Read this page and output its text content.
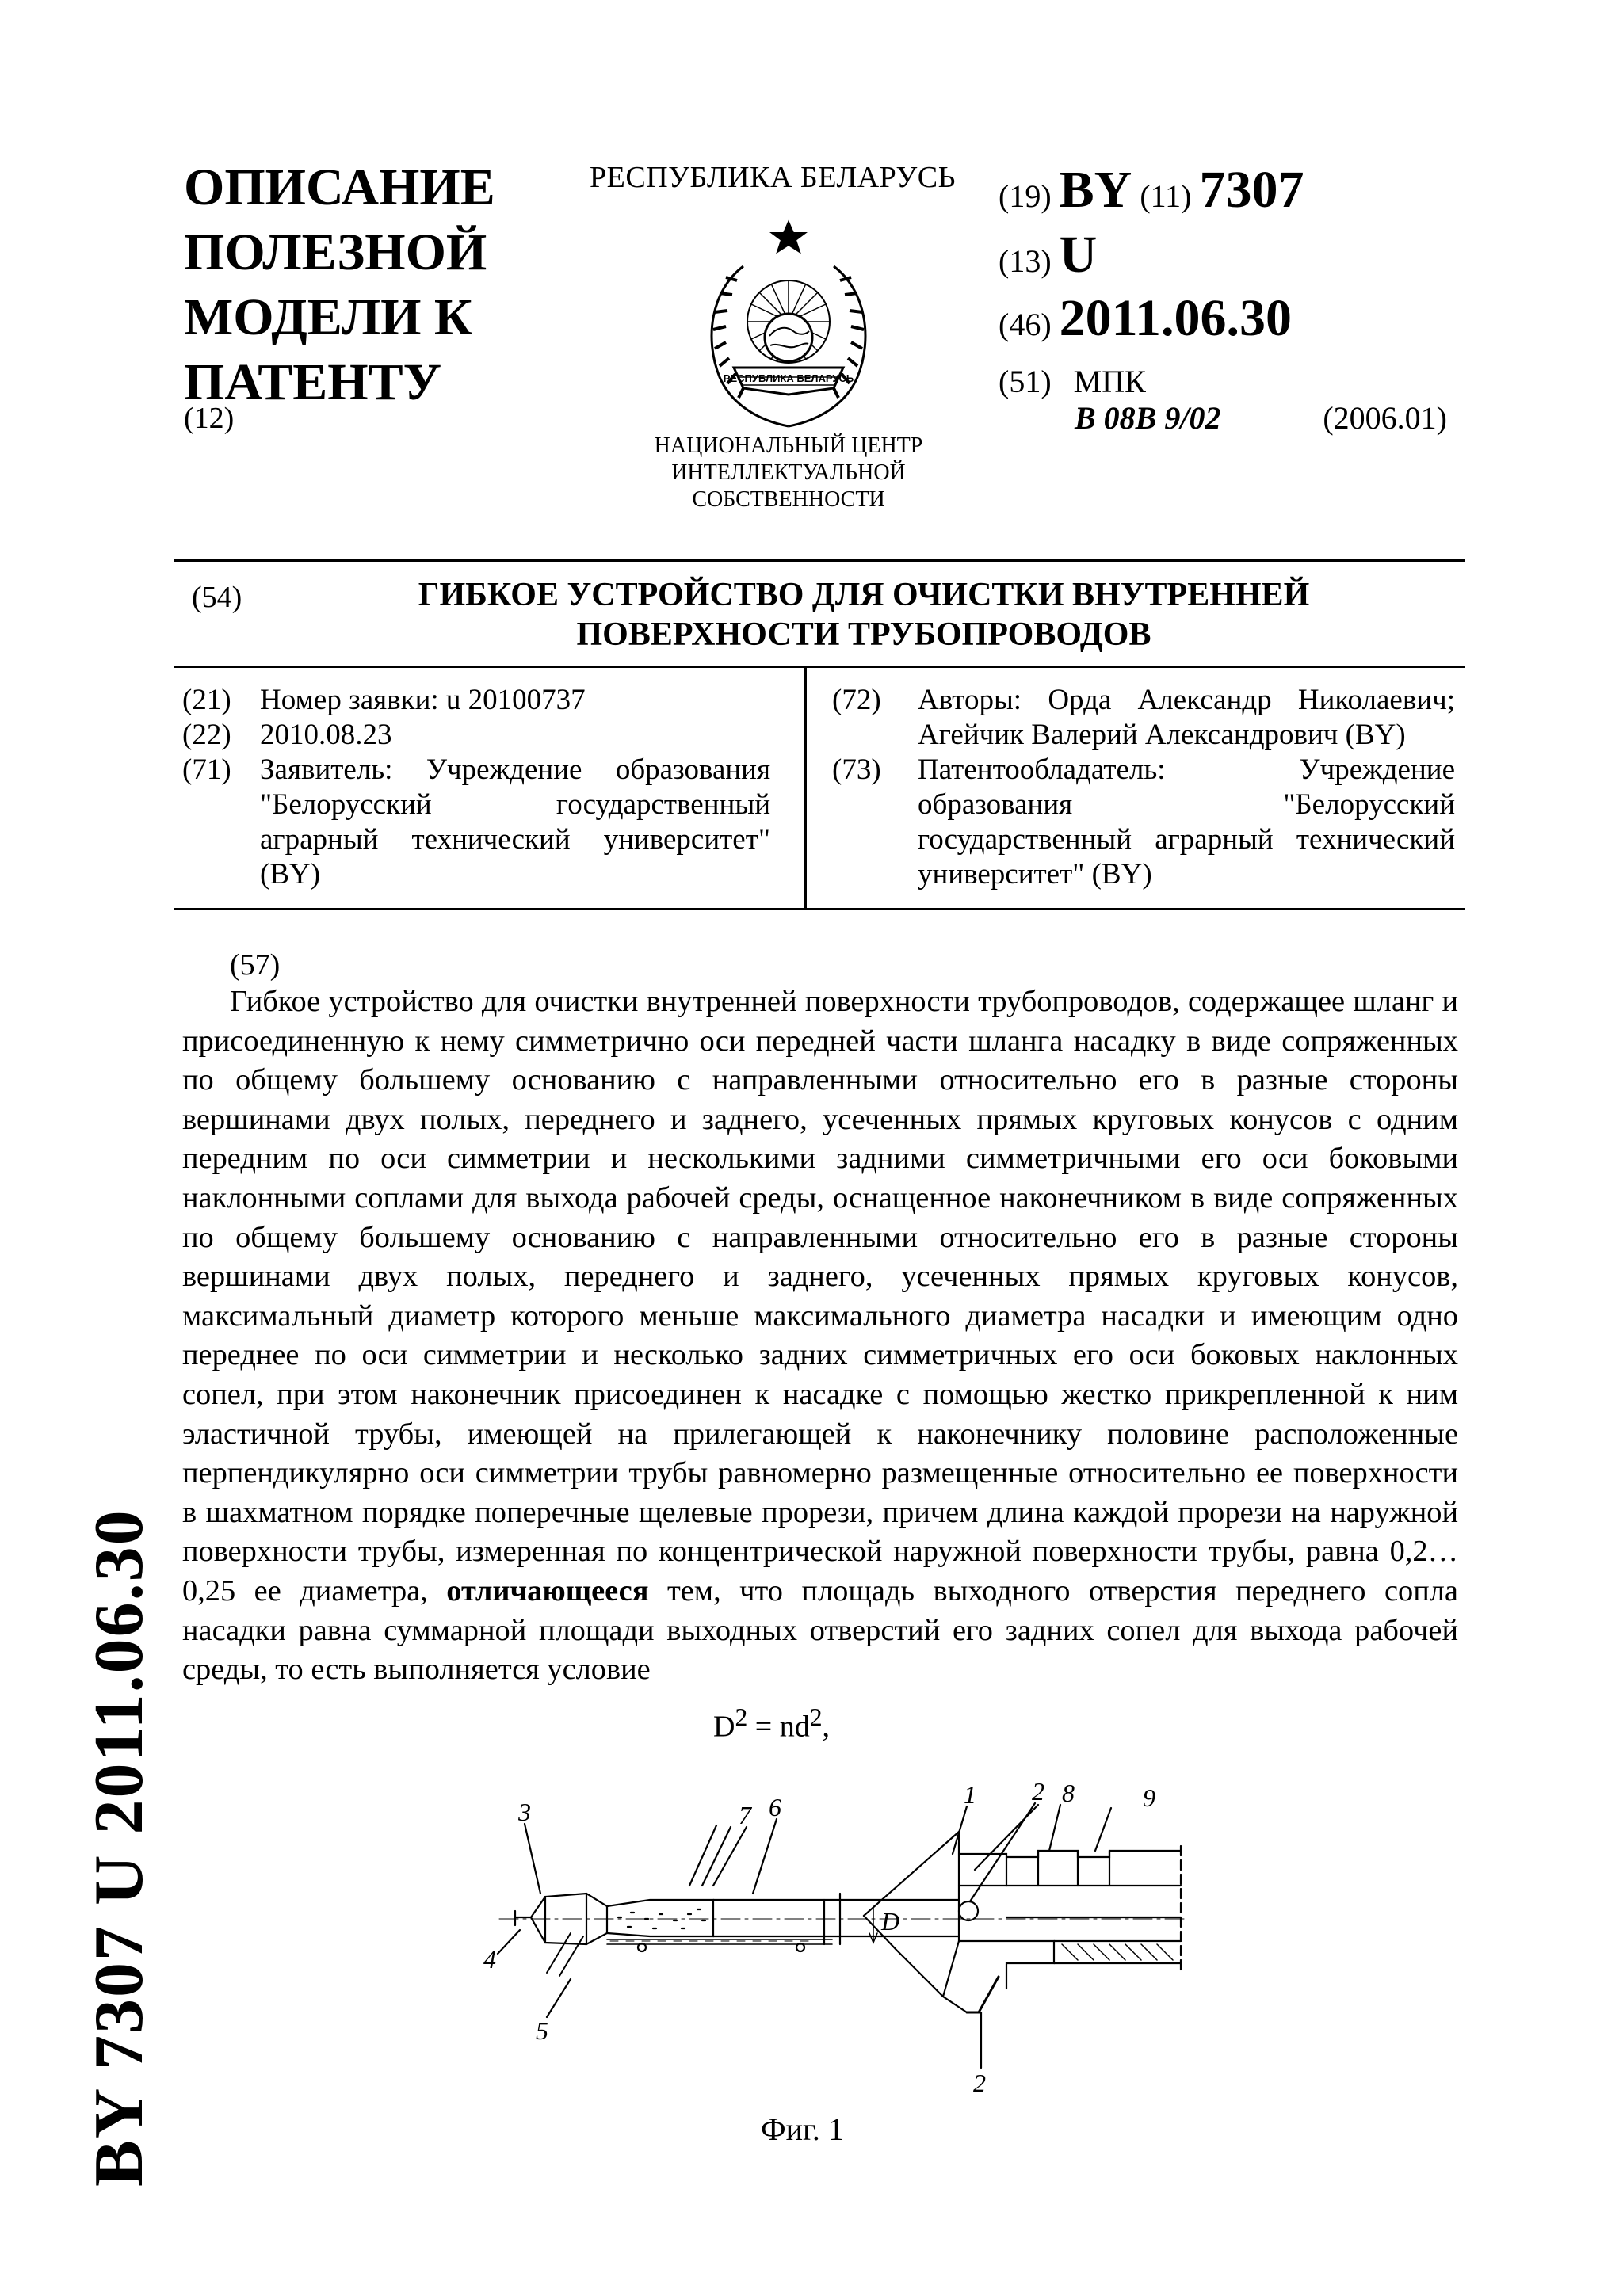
ОПИСАНИЕ
ПОЛЕЗНОЙ
МОДЕЛИ К
ПАТЕНТУ
(12)
РЕСПУБЛИКА БЕЛАРУСЬ
РЕСПУБЛИКА БЕЛАРУСЬ
НАЦИОНАЛЬНЫЙ ЦЕНТР
ИНТЕЛЛЕКТУАЛЬНОЙ
СОБСТВЕННОСТИ
(19) BY (11) 7307
(13) U
(46) 2011.06.30
(51) МПК
B 08B 9/02	(2006.01)
(54)	ГИБКОЕ УСТРОЙСТВО ДЛЯ ОЧИСТКИ ВНУТРЕННЕЙ
ПОВЕРХНОСТИ ТРУБОПРОВОДОВ
(21) Номер заявки: u 20100737
(22) 2010.08.23
(71) Заявитель: Учреждение образования "Белорусский государственный аграрный технический университет" (BY)
(72) Авторы: Орда Александр Николаевич; Агейчик Валерий Александрович (BY)
(73) Патентообладатель: Учреждение образования "Белорусский государственный аграрный технический университет" (BY)
(57)
Гибкое устройство для очистки внутренней поверхности трубопроводов, содержащее шланг и присоединенную к нему симметрично оси передней части шланга насадку в виде сопряженных по общему большему основанию с направленными относительно его в разные стороны вершинами двух полых, переднего и заднего, усеченных прямых круговых конусов с одним передним по оси симметрии и несколькими задними симметричными его оси боковыми наклонными соплами для выхода рабочей среды, оснащенное наконечником в виде сопряженных по общему большему основанию с направленными относительно его в разные стороны вершинами двух полых, переднего и заднего, усеченных прямых круговых конусов, максимальный диаметр которого меньше максимального диаметра насадки и имеющим одно переднее по оси симметрии и несколько задних симметричных его оси боковых наклонных сопел, при этом наконечник присоединен к насадке с помощью жестко прикрепленной к ним эластичной трубы, имеющей на прилегающей к наконечнику половине расположенные перпендикулярно оси симметрии трубы равномерно размещенные относительно ее поверхности в шахматном порядке поперечные щелевые прорези, причем длина каждой прорези на наружной поверхности трубы, измеренная по концентрической наружной поверхности трубы, равна 0,2…0,25 ее диаметра, отличающееся тем, что площадь выходного отверстия переднего сопла насадки равна суммарной площади выходных отверстий его задних сопел для выхода рабочей среды, то есть выполняется условие
$D^2 = nd^2$,
3	7 6	1 2 8	9
4
5
2
D
Фиг. 1
BY 7307 U 2011.06.30
